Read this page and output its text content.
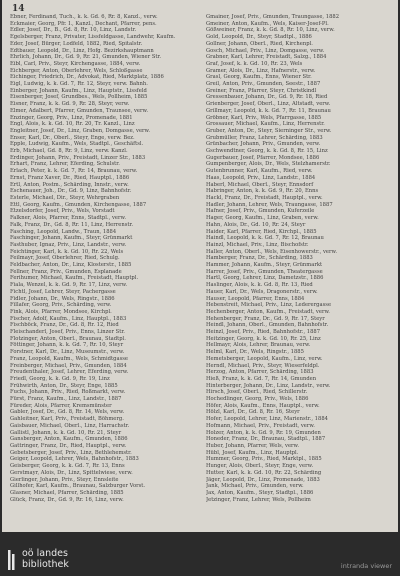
14
Ebner, Ferdinand, Tuch., k. k. Gd. 6, Rr. 8, Kanzl., verw.
Eckmaier, Georg, Pfr. I., Kanzl., Dechant, Pfarrer, pens.
Edler, Josef, Dr., B., Gd. 8, Rr. 10, Linz, Landstr.
Egelsberger, Franz, Privater, Lissfeldgasse, Landwehr, Kaufm.
Eder, Josef, Bürger, Lodfeld, 1882, Ried, Spitalstr.
Edtbauer, Leopold, Dr., Linz, Hofg. Bezirkshauptmann
Ehrlich, Johann, Dr., Gd. 9, Rr. 21, Gmunden, Wiener Str.
Eibl, Carl, Priv., Steyr, Kirchengasse, 1884, verw.
Eichberger, Anton, Oberlehrer, Wels, Schloßgasse
Eichinger, Friedrich, Dr., Advokat, Ried, Marktplatz, 1886
Eigl, Ludwig, k. k. Gd. 7, Rr. 12, Steyr, verw. Bahnh.
Einberger, Johann, Kaufm., Linz, Hauptstr., Lissfeld
Eisenberger, Josef, Grundbes., Wels, Pollheim, 1885
Eisner, Franz, k. k. Gd. 9, Rr. 28, Steyr, verw.
Elmer, Adalbert, Pfarrer, Gmunden, Traunsee, verw.
Enzinger, Georg, Priv., Linz, Promenade, 1881
Engl, Alois, k. k. Gd. 10, Rr. 20, Tr. Kanzl., Linz
Engleitner, Josef, Dr., Linz, Graben, Domgasse, verw.
Enser, Karl, Dr., Oberl., Steyr, Enge, verw. Bez.
Epple, Ludwig, Kaufm., Wels, Stadtpl., Geschäftsl.
Erb, Michael, Gd. 8, Rr. 9, Linz, verw. Kanzl.
Erdinger, Johann, Priv., Freistadt, Linzer Str., 1883
Erhart, Franz, Lehrer, Eferding, Schulstr.
Erlach, Peter, k. k. Gd. 7, Rr. 14, Braunau, verw.
Ernst, Franz Xaver, Dr., Ried, Hauptpl., 1886
Ertl, Anton, Postm., Schärding, Innstr., verw.
Eschenauer, Joh., Dr., Gd. 9, Linz, Bahnhofstr.
Esterle, Michael, Dir., Steyr, Wehrgraben
Ettl, Georg, Kaufm., Gmunden, Kirchengasse, 1887
Etzelsdorfer, Josef, Priv., Wels, Vorstadt
Falkner, Alois, Pfarrer, Enns, Stadtpl., verw.
Falk, Franz, Dr., Gd. 8, Rr. 11, Linz, Herrenstr.
Fasching, Leopold, Landw., Traun, 1884
Faschinger, Johann, Kaufm., Steyr, Grünmarkt
Fasthuber, Ignaz, Priv., Linz, Landstr., verw.
Feichtinger, Karl, k. k. Gd. 10, Rr. 22, Wels
Feilmayr, Josef, Oberlehrer, Ried, Schulg.
Feldbacher, Anton, Dr., Linz, Klosterstr., 1885
Fellner, Franz, Priv., Gmunden, Esplanade
Ferihumer, Michael, Kaufm., Freistadt, Hauptpl.
Fiala, Wenzel, k. k. Gd. 9, Rr. 17, Linz, verw.
Fichtl, Josef, Lehrer, Steyr, Pachergasse
Fidler, Johann, Dr., Wels, Ringstr., 1886
Fillafer, Georg, Priv., Schärding, verw.
Fink, Alois, Pfarrer, Mondsee, Kirchpl.
Fischer, Adolf, Kaufm., Linz, Hauptpl., 1883
Fischböck, Franz, Dr., Gd. 8, Rr. 12, Ried
Fleischanderl, Josef, Priv., Enns, Linzer Str.
Flotzinger, Anton, Oberl., Braunau, Stadtpl.
Föttinger, Johann, k. k. Gd. 7, Rr. 10, Steyr
Forstner, Karl, Dr., Linz, Museumstr., verw.
Franz, Leopold, Kaufm., Wels, Schmidtgasse
Freinberger, Michael, Priv., Gmunden, 1884
Freudenthaler, Josef, Lehrer, Eferding, verw.
Friedl, Georg, k. k. Gd. 9, Rr. 19, Linz
Frühwirth, Anton, Dr., Steyr, Enge, 1885
Fuchs, Johann, Priv., Ried, Roßmarkt, verw.
Fürst, Franz, Kaufm., Linz, Landstr., 1887
Füreder, Alois, Pfarrer, Kremsmünster
Gabler, Josef, Dr., Gd. 8, Rr. 14, Wels, verw.
Gahleitner, Karl, Priv., Freistadt, Böhmerg.
Gaisbauer, Michael, Oberl., Linz, Harrachstr.
Gallistl, Johann, k. k. Gd. 10, Rr. 21, Steyr
Gansberger, Anton, Kaufm., Gmunden, 1886
Gattringer, Franz, Dr., Ried, Hauptpl., verw.
Gebetsberger, Josef, Priv., Linz, Bethlehemstr.
Geiger, Leopold, Lehrer, Wels, Bahnhofstr., 1883
Geisberger, Georg, k. k. Gd. 7, Rr. 13, Enns
Gerstmayr, Alois, Dr., Linz, Spittelwiese, verw.
Gierlinger, Johann, Priv., Steyr, Ennsleite
Gillhofer, Karl, Kaufm., Braunau, Salzburger Vorst.
Glasner, Michael, Pfarrer, Schärding, 1885
Glück, Franz, Dr., Gd. 9, Rr. 16, Linz, verw.
Gmainer, Josef, Priv., Gmunden, Traungasse, 1882
Gmeiner, Anton, Kaufm., Wels, Kaiser-Josef-Pl.
Gößweiner, Franz, k. k. Gd. 8, Rr. 10, Linz, verw.
Gold, Leopold, Dr., Steyr, Stadtpl., 1886
Gollner, Johann, Oberl., Ried, Kirchenpl.
Gosch, Michael, Priv., Linz, Domgasse, verw.
Grabner, Karl, Lehrer, Freistadt, Salzg., 1884
Graf, Josef, k. k. Gd. 10, Rr. 23, Wels
Gramer, Alois, Dr., Linz, Hafnerstr., verw.
Grasl, Georg, Kaufm., Enns, Wiener Str.
Greil, Anton, Priv., Gmunden, Seestr., 1887
Greiner, Franz, Pfarrer, Steyr, Christkindl
Gressenbauer, Johann, Dr., Gd. 9, Rr. 18, Ried
Grienberger, Josef, Oberl., Linz, Altstadt, verw.
Grillmayr, Leopold, k. k. Gd. 7, Rr. 11, Braunau
Gröbner, Karl, Priv., Wels, Pfarrgasse, 1885
Grossauer, Michael, Kaufm., Linz, Herrenstr.
Gruber, Anton, Dr., Steyr, Sierninger Str., verw.
Grubmüller, Franz, Lehrer, Schärding, 1883
Grünbacher, Johann, Priv., Gmunden, verw.
Gschwendtner, Georg, k. k. Gd. 8, Rr. 15, Linz
Gugerbauer, Josef, Pfarrer, Mondsee, 1886
Gumpenberger, Alois, Dr., Wels, Stelzhamerstr.
Gutenbrunner, Karl, Kaufm., Ried, verw.
Haas, Leopold, Priv., Linz, Landstr., 1884
Haberl, Michael, Oberl., Steyr, Ennsdorf
Habringer, Anton, k. k. Gd. 9, Rr. 20, Enns
Hackl, Franz, Dr., Freistadt, Hauptpl., verw.
Hadler, Johann, Lehrer, Wels, Traungasse, 1887
Hafner, Josef, Priv., Gmunden, Kuferzeile
Hager, Georg, Kaufm., Linz, Graben, verw.
Hahn, Alois, Dr., Gd. 10, Rr. 24, Steyr
Haider, Karl, Pfarrer, Ried, Kirchpl., 1885
Haindl, Leopold, k. k. Gd. 7, Rr. 12, Braunau
Hainzl, Michael, Priv., Linz, Bischofstr.
Haller, Anton, Oberl., Wels, Eisenhowerstr., verw.
Hamberger, Franz, Dr., Schärding, 1883
Hammer, Johann, Kaufm., Steyr, Grünmarkt
Harrer, Josef, Priv., Gmunden, Theatergasse
Hartl, Georg, Lehrer, Linz, Dametzstr., 1886
Haslinger, Alois, k. k. Gd. 8, Rr. 13, Ried
Hauer, Karl, Dr., Wels, Dragonerstr., verw.
Hauser, Leopold, Pfarrer, Enns, 1884
Hebenstreit, Michael, Priv., Linz, Lederergasse
Hechenberger, Anton, Kaufm., Freistadt, verw.
Hehenberger, Franz, Dr., Gd. 9, Rr. 17, Steyr
Heindl, Johann, Oberl., Gmunden, Bahnhofstr.
Heinzl, Josef, Priv., Ried, Bahnhofstr., 1887
Heitzinger, Georg, k. k. Gd. 10, Rr. 25, Linz
Hellmayr, Alois, Lehrer, Braunau, verw.
Helml, Karl, Dr., Wels, Ringstr., 1885
Hemetsberger, Leopold, Kaufm., Linz, verw.
Herndl, Michael, Priv., Steyr, Wieserfeldpl.
Herzog, Anton, Pfarrer, Schärding, 1883
Hieß, Franz, k. k. Gd. 7, Rr. 14, Gmunden
Hinterberger, Johann, Dr., Linz, Landstr., verw.
Hirsch, Josef, Oberl., Ried, Schillerstr.
Hochedlinger, Georg, Priv., Wels, 1886
Höfer, Alois, Kaufm., Enns, Hauptpl., verw.
Hölzl, Karl, Dr., Gd. 8, Rr. 16, Steyr
Hofer, Leopold, Lehrer, Linz, Marienstr., 1884
Hofmann, Michael, Priv., Freistadt, verw.
Holzer, Anton, k. k. Gd. 9, Rr. 19, Gmunden
Honeder, Franz, Dr., Braunau, Stadtpl., 1887
Huber, Johann, Pfarrer, Wels, verw.
Hübl, Josef, Kaufm., Linz, Hauptpl.
Hummer, Georg, Priv., Ried, Marktpl., 1885
Hunger, Alois, Oberl., Steyr, Enge, verw.
Hutter, Karl, k. k. Gd. 10, Rr. 22, Schärding
Jäger, Leopold, Dr., Linz, Promenade, 1883
Jank, Michael, Priv., Gmunden, verw.
Jax, Anton, Kaufm., Steyr, Stadtpl., 1886
Jetzinger, Franz, Lehrer, Wels, Pollheim
oö landes
bibliothek	intranda viewer
